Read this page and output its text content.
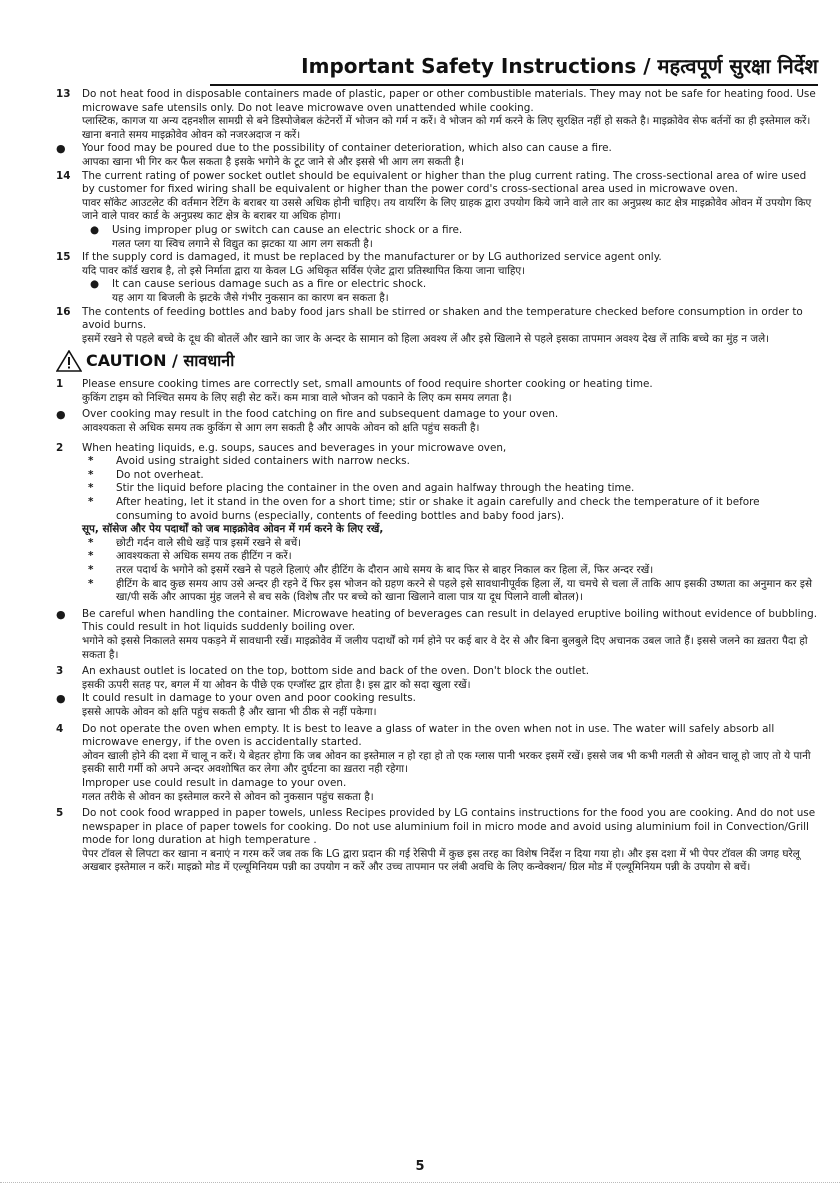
Important Safety Instructions / महत्वपूर्ण सुरक्षा निर्देश
13	Do not heat food in disposable containers made of plastic, paper or other combustible materials. They may not be safe for heating food. Use microwave safe utensils only. Do not leave microwave oven unattended while cooking.
प्लास्टिक, कागज या अन्य दहनशील सामग्री से बने डिस्पोजेबल कंटेनरों में भोजन को गर्म न करें। वे भोजन को गर्म करने के लिए सुरक्षित नहीं हो सकते है। माइक्रोवेव सेफ बर्तनों का ही इस्तेमाल करें। खाना बनाते समय माइक्रोवेव ओवन को नजरअदाज न करें।
●	Your food may be poured due to the possibility of container deterioration, which also can cause a fire.
आपका खाना भी गिर कर फैल सकता है इसके भगोने के टूट जाने से और इससे भी आग लग सकती है।
14	The current rating of power socket outlet should be equivalent or higher than the plug current rating. The cross-sectional area of wire used by customer for fixed wiring shall be equivalent or higher than the power cord's cross-sectional area used in microwave oven.
पावर सॉकेट आउटलेट की वर्तमान रेटिंग के बराबर या उससे अधिक होनी चाहिए। तय वायरिंग के लिए ग्राहक द्वारा उपयोग किये जाने वाले तार का अनुप्रस्थ काट क्षेत्र माइक्रोवेव ओवन में उपयोग किए जाने वाले पावर कार्ड के अनुप्रस्थ काट क्षेत्र के बराबर या अधिक होगा।
●	Using improper plug or switch can cause an electric shock or a fire.
गलत प्लग या स्विच लगाने से विद्युत का झटका या आग लग सकती है।
15	If the supply cord is damaged, it must be replaced by the manufacturer or by LG authorized service agent only.
यदि पावर कॉर्ड खराब है, तो इसे निर्माता द्वारा या केवल LG अधिकृत सर्विस एंजेट द्वारा प्रतिस्थापित किया जाना चाहिए।
●	It can cause serious damage such as a fire or electric shock.
यह आग या बिजली के झटके जैसे गंभीर नुकसान का कारण बन सकता है।
16	The contents of feeding bottles and baby food jars shall be stirred or shaken and the temperature checked before consumption in order to avoid burns.
इसमें रखने से पहले बच्चे के दूध की बोतलें और खाने का जार के अन्दर के सामान को हिला अवश्य लें और इसे खिलाने से पहले इसका तापमान अवश्य देख लें ताकि बच्चे का मुंह न जले।
CAUTION / सावधानी
1	Please ensure cooking times are correctly set, small amounts of food require shorter cooking or heating time.
कुकिंग टाइम को निश्चित समय के लिए सही सेट करें। कम मात्रा वाले भोजन को पकाने के लिए कम समय लगता है।
●	Over cooking may result in the food catching on fire and subsequent damage to your oven.
आवश्यकता से अधिक समय तक कुकिंग से आग लग सकती है और आपके ओवन को क्षति पहुंच सकती है।
2	When heating liquids, e.g. soups, sauces and beverages in your microwave oven,
*	Avoid using straight sided containers with narrow necks.
*	Do not overheat.
*	Stir the liquid before placing the container in the oven and again halfway through the heating time.
*	After heating, let it stand in the oven for a short time; stir or shake it again carefully and check the temperature of it before consuming to avoid burns (especially, contents of feeding bottles and baby food jars).
सूप, सॉसेज और पेय पदार्थों को जब माइक्रोवेव ओवन में गर्म करने के लिए रखें,
*	छोटी गर्दन वाले सीधे खड़ें पात्र इसमें रखने से बचें।
*	आवश्यकता से अधिक समय तक हीटिंग न करें।
*	तरल पदार्थ के भगोने को इसमें रखने से पहले हिलाएं और हीटिंग के दौरान आधे समय के बाद फिर से बाहर निकाल कर हिला लें, फिर अन्दर रखें।
*	हीटिंग के बाद कुछ समय आप उसे अन्दर ही रहने दें फिर इस भोजन को ग्रहण करने से पहले इसे सावधानीपूर्वक हिला लें, या चमचे से चला लें ताकि आप इसकी उष्णता का अनुमान कर इसे खा/पी सकें और आपका मुंह जलने से बच सके (विशेष तौर पर बच्चे को खाना खिलाने वाला पात्र या दूध पिलाने वाली बोतल)।
●	Be careful when handling the container. Microwave heating of beverages can result in delayed eruptive boiling without evidence of bubbling. This could result in hot liquids suddenly boiling over.
भगोने को इससे निकालते समय पकड़ने में सावधानी रखें। माइक्रोवेव में जलीय पदार्थों को गर्म होने पर कई बार वे देर से और बिना बुलबुले दिए अचानक उबल जाते हैं। इससे जलने का ख़तरा पैदा हो सकता है।
3	An exhaust outlet is located on the top, bottom side and back of the oven. Don't block the outlet.
इसकी ऊपरी सतह पर, बगल में या ओवन के पीछे एक एग्जॉस्ट द्वार होता है। इस द्वार को सदा खुला रखें।
●	It could result in damage to your oven and poor cooking results.
इससे आपके ओवन को क्षति पहुंच सकती है और खाना भी ठीक से नहीं पकेगा।
4	Do not operate the oven when empty. It is best to leave a glass of water in the oven when not in use. The water will safely absorb all microwave energy, if the oven is accidentally started.
ओवन खाली होने की दशा में चालू न करें। ये बेहतर होगा कि जब ओवन का इस्तेमाल न हो रहा हो तो एक ग्लास पानी भरकर इसमें रखें। इससे जब भी कभी गलती से ओवन चालू हो जाए तो ये पानी इसकी सारी गर्मी को अपने अन्दर अवशोषित कर लेगा और दुर्घटना का ख़तरा नही रहेगा।
Improper use could result in damage to your oven.
गलत तरीके से ओवन का इस्तेमाल करने से ओवन को नुकसान पहुंच सकता है।
5	Do not cook food wrapped in paper towels, unless Recipes provided by LG contains instructions for the food you are cooking. And do not use newspaper in place of paper towels for cooking. Do not use aluminium foil in micro mode and avoid using aluminium foil in Convection/Grill mode for long duration at high temperature .
पेपर टॉवल से लिपटा कर खाना न बनाएं न गरम करें जब तक कि LG द्वारा प्रदान की गई रेसिपी में कुछ इस तरह का विशेष निर्देश न दिया गया हो। और इस दशा में भी पेपर टॉवल की जगह घरेलू अखबार इस्तेमाल न करें। माइक्रो मोड में एल्यूमिनियम पन्नी का उपयोग न करें और उच्च तापमान पर लंबी अवधि के लिए कन्वेक्शन/ ग्रिल मोड में एल्यूमिनियम पन्नी के उपयोग से बचें।
5
